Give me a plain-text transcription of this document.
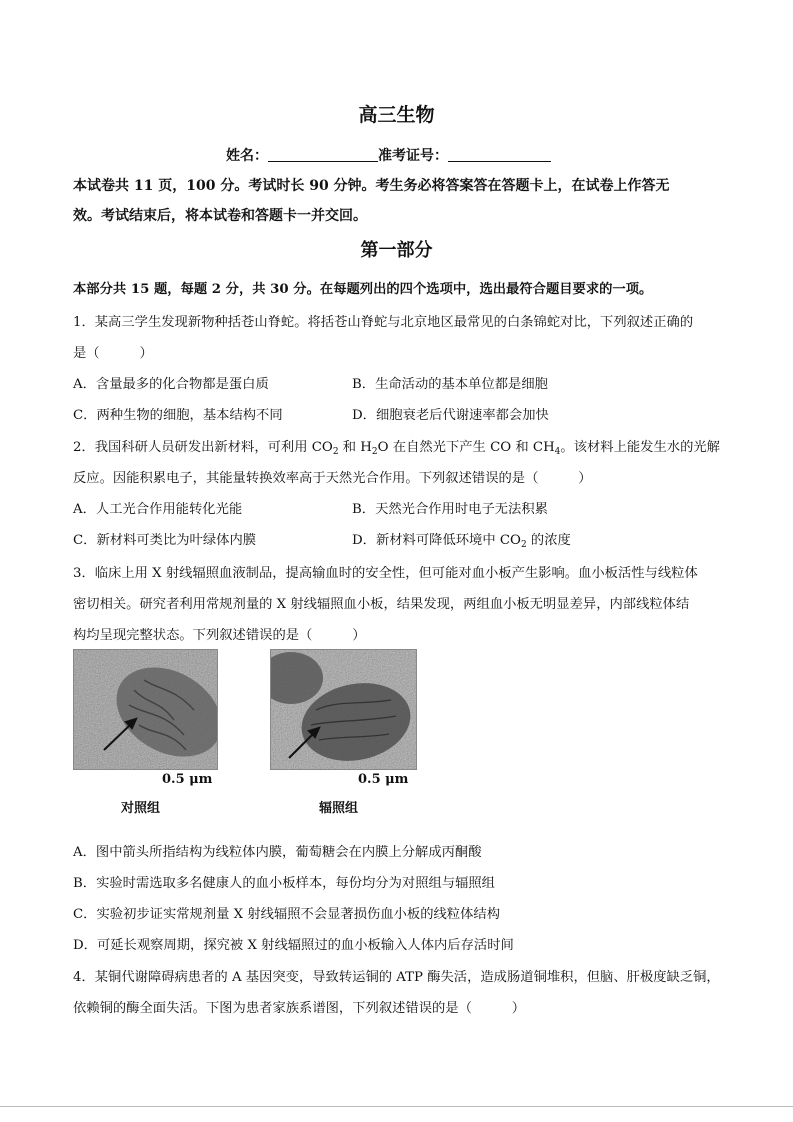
高三生物
姓名：	准考证号：
本试卷共 11 页，100 分。考试时长 90 分钟。考生务必将答案答在答题卡上，在试卷上作答无
效。考试结束后，将本试卷和答题卡一并交回。
第一部分
本部分共 15 题，每题 2 分，共 30 分。在每题列出的四个选项中，选出最符合题目要求的一项。
1．某高三学生发现新物种括苍山脊蛇。将括苍山脊蛇与北京地区最常见的白条锦蛇对比，下列叙述正确的
是（　　　）
A．含量最多的化合物都是蛋白质	B．生命活动的基本单位都是细胞
C．两种生物的细胞，基本结构不同	D．细胞衰老后代谢速率都会加快
2．我国科研人员研发出新材料，可利用 $CO_2$ 和 $H_2O$ 在自然光下产生 CO 和 $CH_4$。该材料上能发生水的光解
反应。因能积累电子，其能量转换效率高于天然光合作用。下列叙述错误的是（　　　）
A．人工光合作用能转化光能	B．天然光合作用时电子无法积累
C．新材料可类比为叶绿体内膜	D．新材料可降低环境中 $CO_2$ 的浓度
3．临床上用 X 射线辐照血液制品，提高输血时的安全性，但可能对血小板产生影响。血小板活性与线粒体
密切相关。研究者利用常规剂量的 X 射线辐照血小板，结果发现，两组血小板无明显差异，内部线粒体结
构均呈现完整状态。下列叙述错误的是（　　　）
0.5 μm
对照组
0.5 μm
辐照组
A．图中箭头所指结构为线粒体内膜，葡萄糖会在内膜上分解成丙酮酸
B．实验时需选取多名健康人的血小板样本，每份均分为对照组与辐照组
C．实验初步证实常规剂量 X 射线辐照不会显著损伤血小板的线粒体结构
D．可延长观察周期，探究被 X 射线辐照过的血小板输入人体内后存活时间
4．某铜代谢障碍病患者的 A 基因突变，导致转运铜的 ATP 酶失活，造成肠道铜堆积，但脑、肝极度缺乏铜，
依赖铜的酶全面失活。下图为患者家族系谱图，下列叙述错误的是（　　　）
